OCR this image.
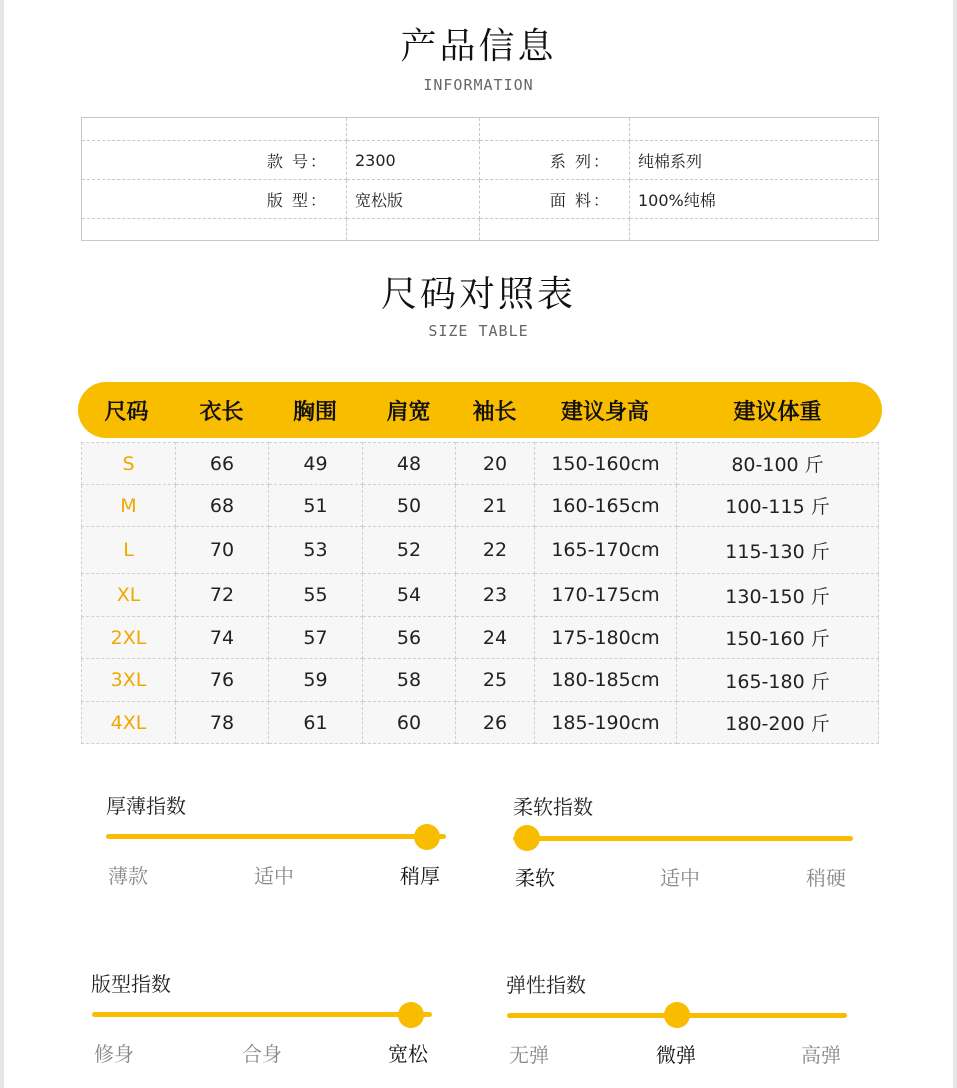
产品信息
INFORMATION

款 号：	2300	系 列：	纯棉系列
版 型：	宽松版	面 料：	100%纯棉

尺码对照表
SIZE TABLE
尺码	衣长	胸围	肩宽	袖长	建议身高	建议体重
S	66	49	48	20	150-160cm	80-100 斤
M	68	51	50	21	160-165cm	100-115 斤
L	70	53	52	22	165-170cm	115-130 斤
XL	72	55	54	23	170-175cm	130-150 斤
2XL	74	57	56	24	175-180cm	150-160 斤
3XL	76	59	58	25	180-185cm	165-180 斤
4XL	78	61	60	26	185-190cm	180-200 斤
厚薄指数
薄款	适中	稍厚
柔软指数
柔软	适中	稍硬
版型指数
修身	合身	宽松
弹性指数
无弹	微弹	高弹
